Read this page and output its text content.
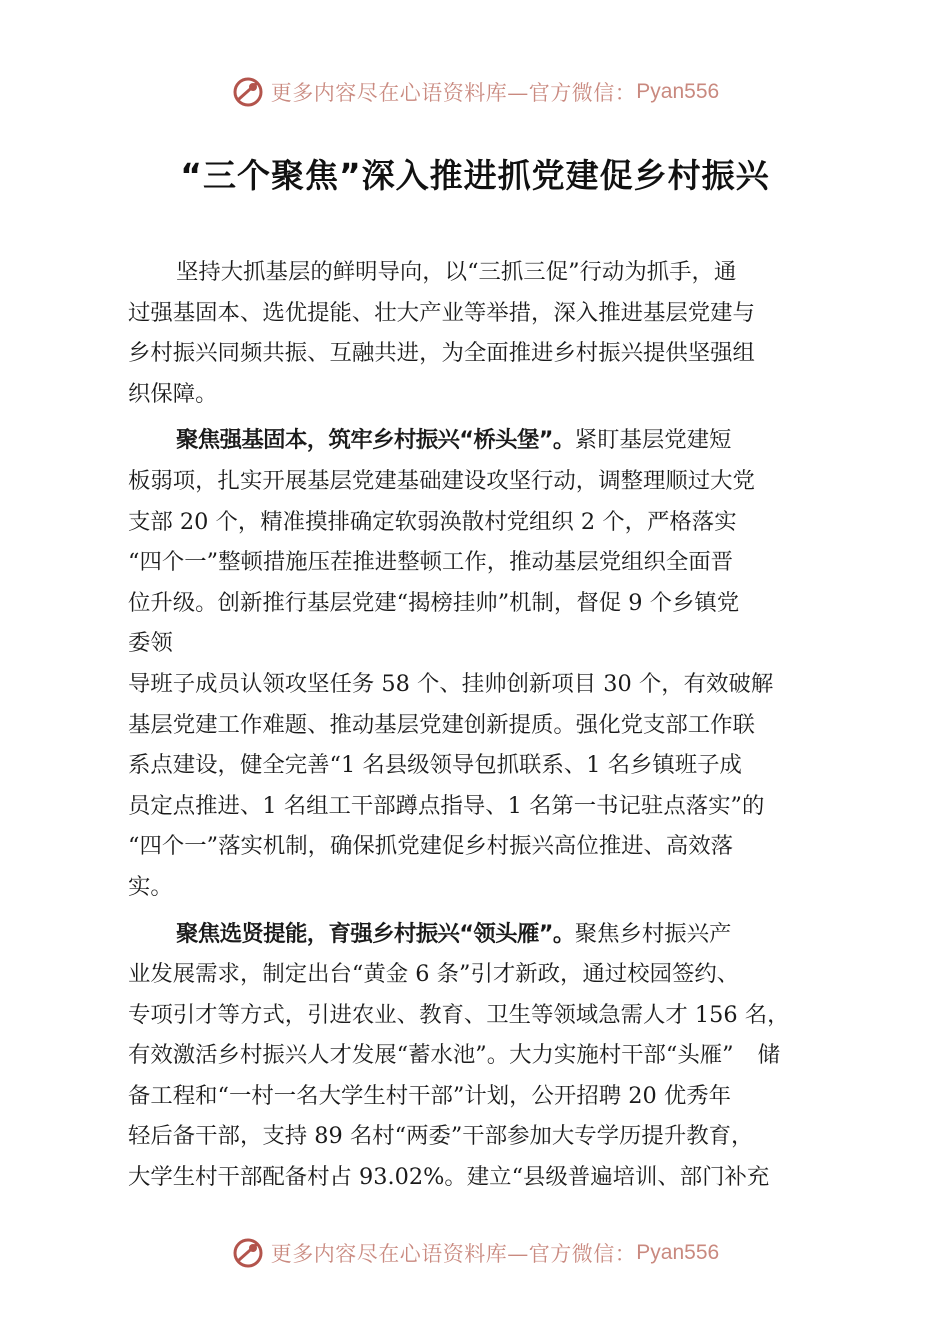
更多内容尽在心语资料库—官方微信： Pyan556
“三个聚焦”深入推进抓党建促乡村振兴
坚持大抓基层的鲜明导向，以“三抓三促”行动为抓手，通
过强基固本、选优提能、壮大产业等举措，深入推进基层党建与
乡村振兴同频共振、互融共进，为全面推进乡村振兴提供坚强组
织保障。
聚焦强基固本，筑牢乡村振兴“桥头堡”。紧盯基层党建短
板弱项，扎实开展基层党建基础建设攻坚行动，调整理顺过大党
支部 20 个，精准摸排确定软弱涣散村党组织 2 个，严格落实
“四个一”整顿措施压茬推进整顿工作，推动基层党组织全面晋
位升级。创新推行基层党建“揭榜挂帅”机制，督促 9 个乡镇党
委领
导班子成员认领攻坚任务 58 个、挂帅创新项目 30 个，有效破解
基层党建工作难题、推动基层党建创新提质。强化党支部工作联
系点建设，健全完善“1 名县级领导包抓联系、1 名乡镇班子成
员定点推进、1 名组工干部蹲点指导、1 名第一书记驻点落实”的
“四个一”落实机制，确保抓党建促乡村振兴高位推进、高效落
实。
聚焦选贤提能，育强乡村振兴“领头雁”。聚焦乡村振兴产
业发展需求，制定出台“黄金 6 条”引才新政，通过校园签约、
专项引才等方式，引进农业、教育、卫生等领域急需人才 156 名，
有效激活乡村振兴人才发展“蓄水池”。大力实施村干部“头雁” 储
备工程和“一村一名大学生村干部”计划，公开招聘 20 优秀年
轻后备干部，支持 89 名村“两委”干部参加大专学历提升教育，
大学生村干部配备村占 93.02%。建立“县级普遍培训、部门补充
更多内容尽在心语资料库—官方微信： Pyan556
